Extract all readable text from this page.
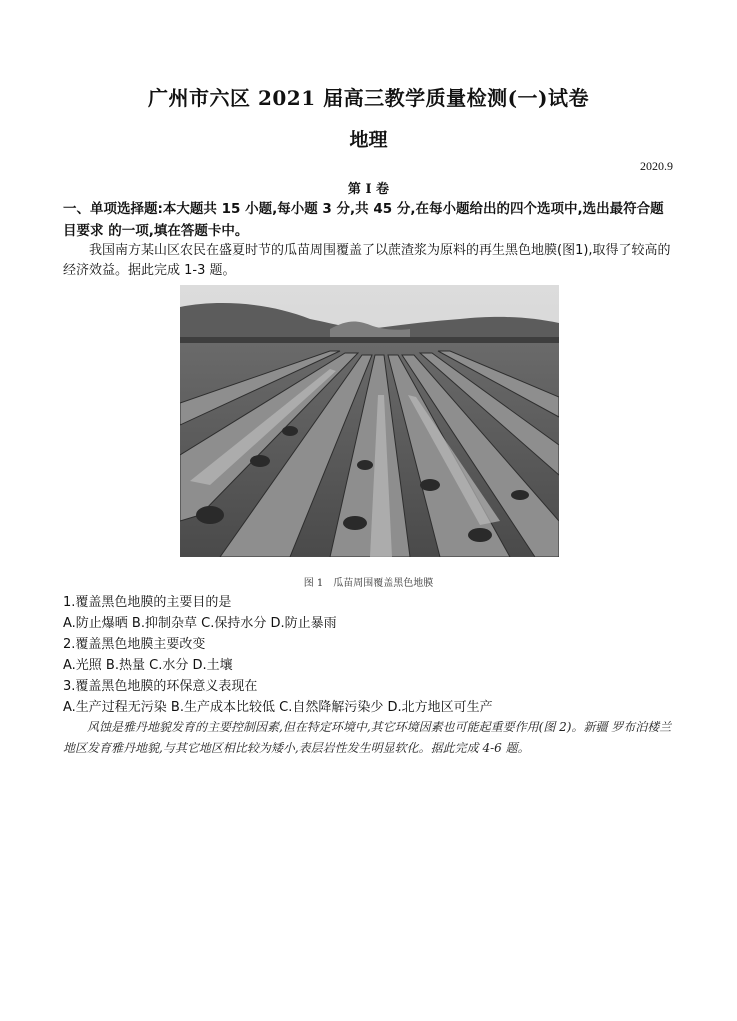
广州市六区 2021 届高三教学质量检测(一)试卷
地理
2020.9
第 I 卷
一、单项选择题:本大题共 15 小题,每小题 3 分,共 45 分,在每小题给出的四个选项中,选出最符合题目要求 的一项,填在答题卡中。
我国南方某山区农民在盛夏时节的瓜苗周围覆盖了以蔗渣浆为原料的再生黑色地膜(图1),取得了较高的经济效益。据此完成 1-3 题。
图 1　瓜苗周围覆盖黑色地膜
1.覆盖黑色地膜的主要目的是
A.防止爆晒 B.抑制杂草 C.保持水分 D.防止暴雨
2.覆盖黑色地膜主要改变
A.光照 B.热量 C.水分 D.土壤
3.覆盖黑色地膜的环保意义表现在
A.生产过程无污染 B.生产成本比较低 C.自然降解污染少 D.北方地区可生产
风蚀是雅丹地貌发育的主要控制因素,但在特定环境中,其它环境因素也可能起重要作用(图 2)。新疆 罗布泊楼兰地区发育雅丹地貌,与其它地区相比较为矮小,表层岩性发生明显软化。据此完成 4-6 题。
